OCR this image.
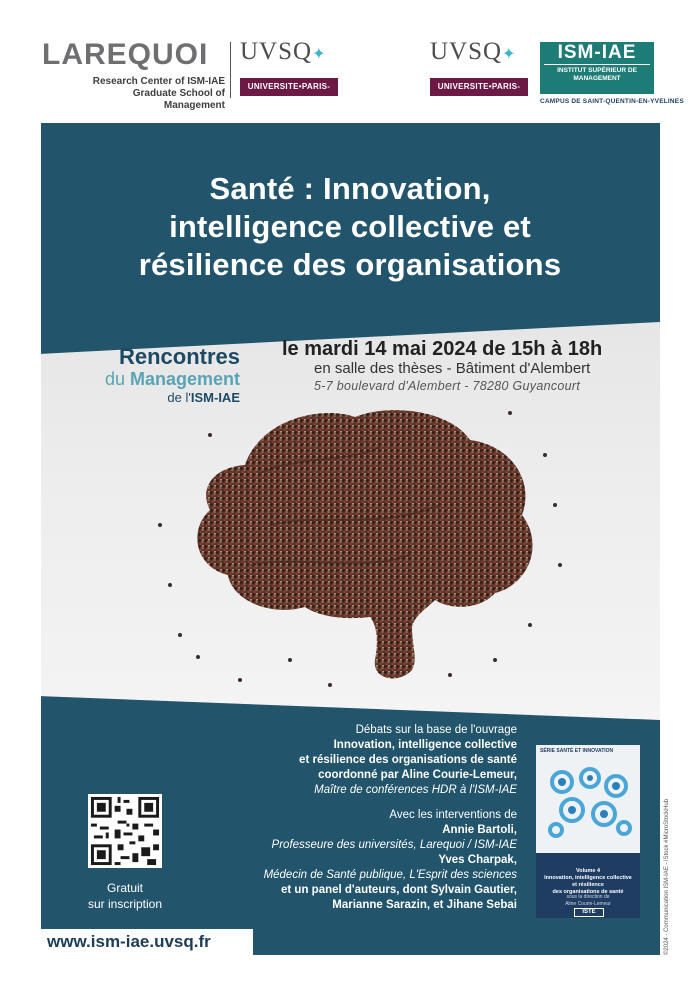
LAREQUOI
Research Center of ISM-IAE
Graduate School of Management
UVSQ✦
UNIVERSITE•PARIS-SACLAY
UVSQ✦
UNIVERSITE•PARIS-SACLAY
ISM-IAE
INSTITUT SUPÉRIEUR DE MANAGEMENT
CAMPUS DE SAINT-QUENTIN-EN-YVELINES
Santé : Innovation,
intelligence collective et
résilience des organisations
le mardi 14 mai 2024 de 15h à 18h
en salle des thèses - Bâtiment d'Alembert
5-7 boulevard d'Alembert - 78280 Guyancourt
Rencontres
du Management
de l'ISM-IAE
Débats sur la base de l'ouvrage
Innovation, intelligence collective
et résilience des organisations de santé
coordonné par Aline Courie-Lemeur,
Maître de conférences HDR à l'ISM-IAE
Avec les interventions de
Annie Bartoli,
Professeure des universités, Larequoi / ISM-IAE
Yves Charpak,
Médecin de Santé publique, L'Esprit des sciences
et un panel d'auteurs, dont Sylvain Gautier,
Marianne Sarazin, et Jihane Sebai
SÉRIE SANTÉ ET INNOVATION
Volume 4
Innovation, intelligence collective
et résilience
des organisations de santé
sous la direction de
Aline Courie-Lemeur
ISTE
Gratuit
sur inscription
www.ism-iae.uvsq.fr	©2024 - Communication ISM-IAE - iStock #MicroStockHub
